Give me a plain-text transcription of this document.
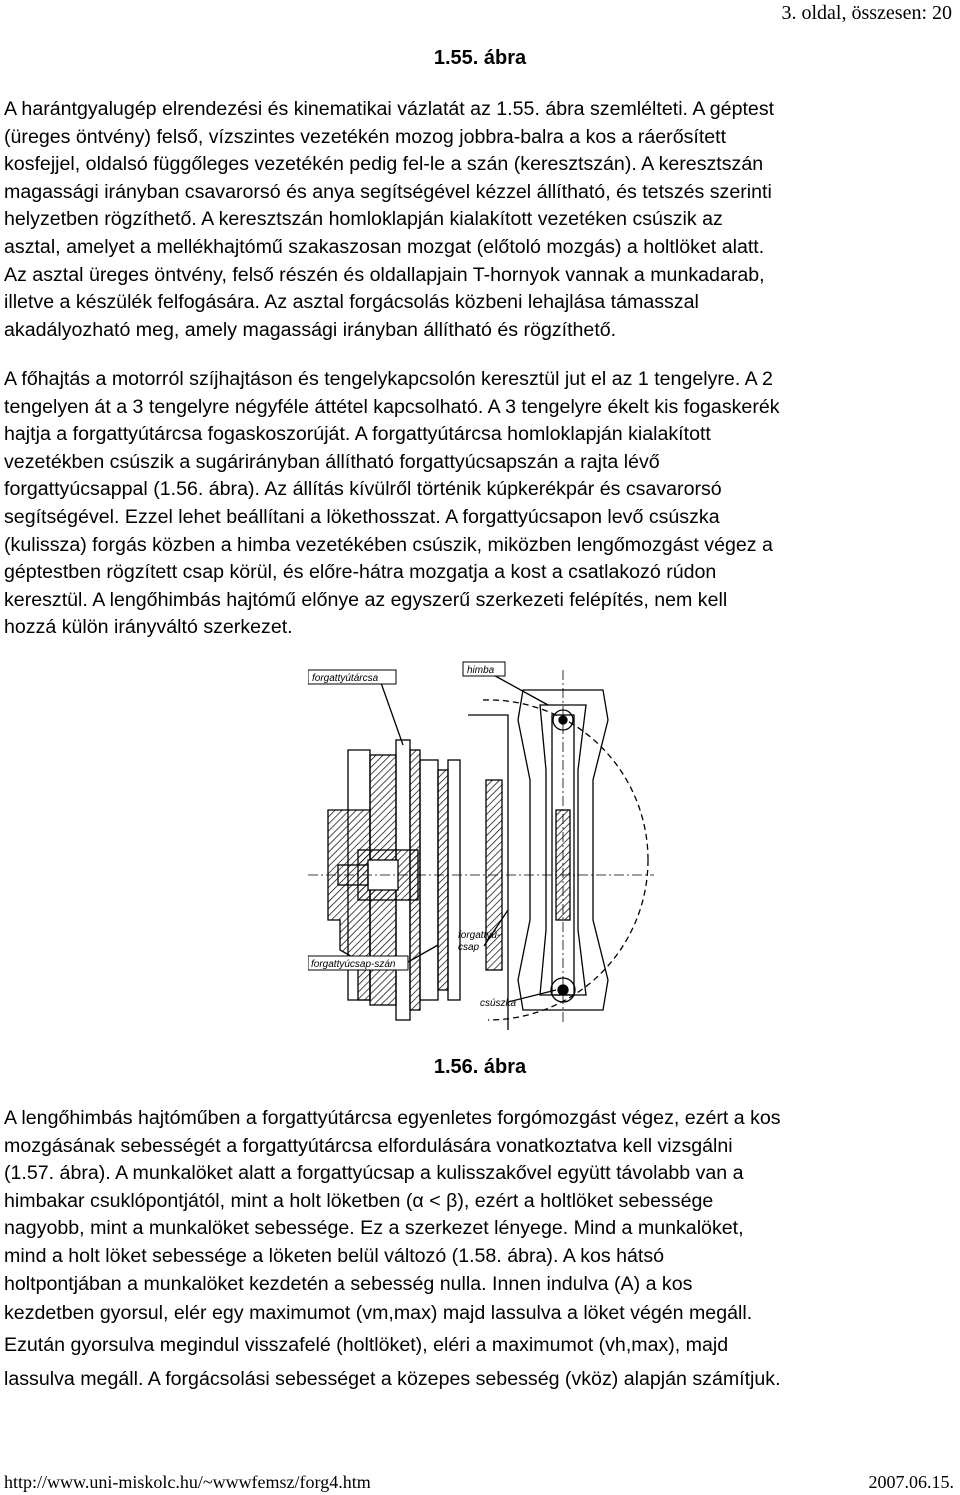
3. oldal, összesen: 20
1.55. ábra

A harántgyalugép elrendezési és kinematikai vázlatát az 1.55. ábra szemlélteti. A géptest

(üreges öntvény) felső, vízszintes vezetékén mozog jobbra-balra a kos a ráerősített

kosfejjel, oldalsó függőleges vezetékén pedig fel-le a szán (keresztszán). A keresztszán

magassági irányban csavarorsó és anya segítségével kézzel állítható, és tetszés szerinti

helyzetben rögzíthető. A keresztszán homloklapján kialakított vezetéken csúszik az

asztal, amelyet a mellékhajtómű szakaszosan mozgat (előtoló mozgás) a holtlöket alatt.

Az asztal üreges öntvény, felső részén és oldallapjain T-hornyok vannak a munkadarab,

illetve a készülék felfogására. Az asztal forgácsolás közbeni lehajlása támasszal

akadályozható meg, amely magassági irányban állítható és rögzíthető.

A főhajtás a motorról szíjhajtáson és tengelykapcsolón keresztül jut el az 1 tengelyre. A 2

tengelyen át a 3 tengelyre négyféle áttétel kapcsolható. A 3 tengelyre ékelt kis fogaskerék

hajtja a forgattyútárcsa fogaskoszorúját. A forgattyútárcsa homloklapján kialakított

vezetékben csúszik a sugárirányban állítható forgattyúcsapszán a rajta lévő

forgattyúcsappal (1.56. ábra). Az állítás kívülről történik kúpkerékpár és csavarorsó

segítségével. Ezzel lehet beállítani a lökethosszat. A forgattyúcsapon levő csúszka

(kulissza) forgás közben a himba vezetékében csúszik, miközben lengőmozgást végez a

géptestben rögzített csap körül, és előre-hátra mozgatja a kost a csatlakozó rúdon

keresztül. A lengőhimbás hajtómű előnye az egyszerű szerkezeti felépítés, nem kell

hozzá külön irányváltó szerkezet.

forgattyútárcsa
himba
forgattyú-
csap
forgattyúcsap-szán
csúszka
1.56. ábra

A lengőhimbás hajtóműben a forgattyútárcsa egyenletes forgómozgást végez, ezért a kos

mozgásának sebességét a forgattyútárcsa elfordulására vonatkoztatva kell vizsgálni

(1.57. ábra). A munkalöket alatt a forgattyúcsap a kulisszakővel együtt távolabb van a

himbakar csuklópontjától, mint a holt löketben (α < β), ezért a holtlöket sebessége

nagyobb, mint a munkalöket sebessége. Ez a szerkezet lényege. Mind a munkalöket,

mind a holt löket sebessége a löketen belül változó (1.58. ábra). A kos hátsó

holtpontjában a munkalöket kezdetén a sebesség nulla. Innen indulva (A) a kos

kezdetben gyorsul, elér egy maximumot (vm,max) majd lassulva a löket végén megáll.

Ezután gyorsulva megindul visszafelé (holtlöket), eléri a maximumot (vh,max), majd

lassulva megáll. A forgácsolási sebességet a közepes sebesség (vköz) alapján számítjuk.

http://www.uni-miskolc.hu/~wwwfemsz/forg4.htm	2007.06.15.
